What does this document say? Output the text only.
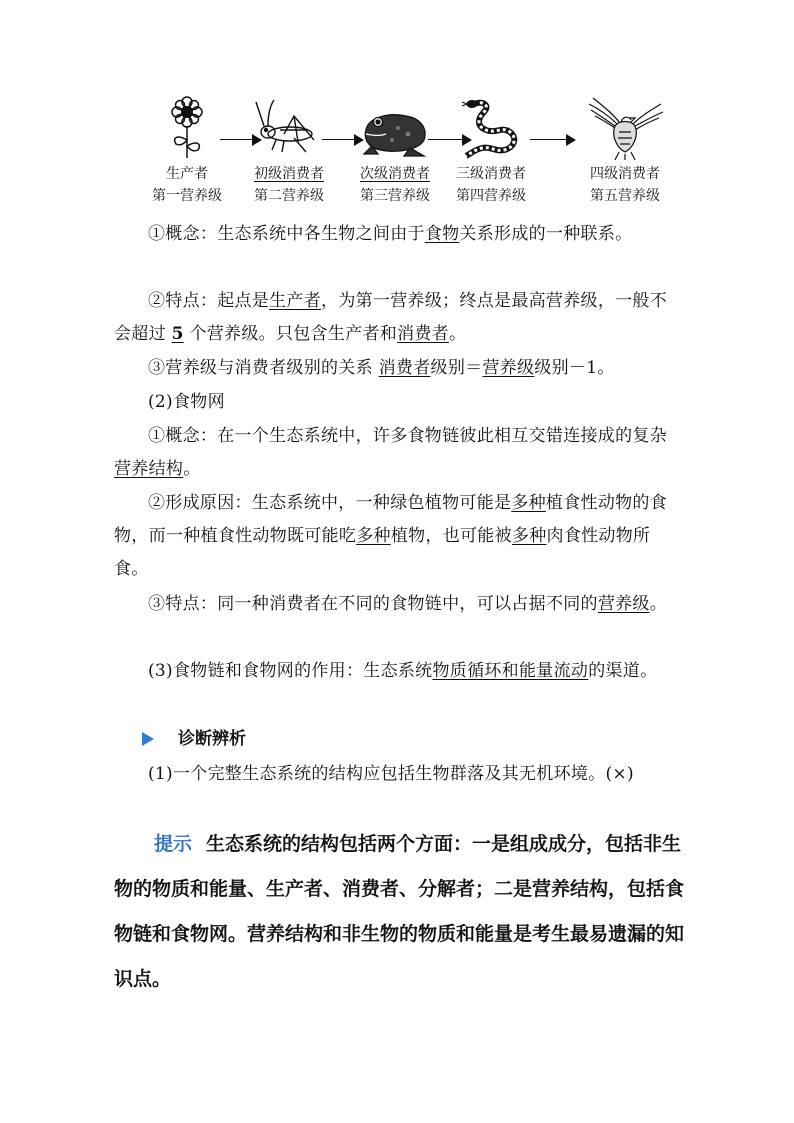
生产者
第一营养级
初级消费者
第二营养级
次级消费者
第三营养级
三级消费者
第四营养级
四级消费者
第五营养级
①概念：生态系统中各生物之间由于食物关系形成的一种联系。
②特点：起点是生产者，为第一营养级；终点是最高营养级，一般不会超过 5 个营养级。只包含生产者和消费者。
③营养级与消费者级别的关系 消费者级别＝营养级级别－1。
(2)食物网
①概念：在一个生态系统中，许多食物链彼此相互交错连接成的复杂营养结构。
②形成原因：生态系统中，一种绿色植物可能是多种植食性动物的食物，而一种植食性动物既可能吃多种植物，也可能被多种肉食性动物所食。
③特点：同一种消费者在不同的食物链中，可以占据不同的营养级。
(3)食物链和食物网的作用：生态系统物质循环和能量流动的渠道。
诊断辨析
(1)一个完整生态系统的结构应包括生物群落及其无机环境。(×)
提示 生态系统的结构包括两个方面：一是组成成分，包括非生物的物质和能量、生产者、消费者、分解者；二是营养结构，包括食物链和食物网。营养结构和非生物的物质和能量是考生最易遗漏的知识点。
